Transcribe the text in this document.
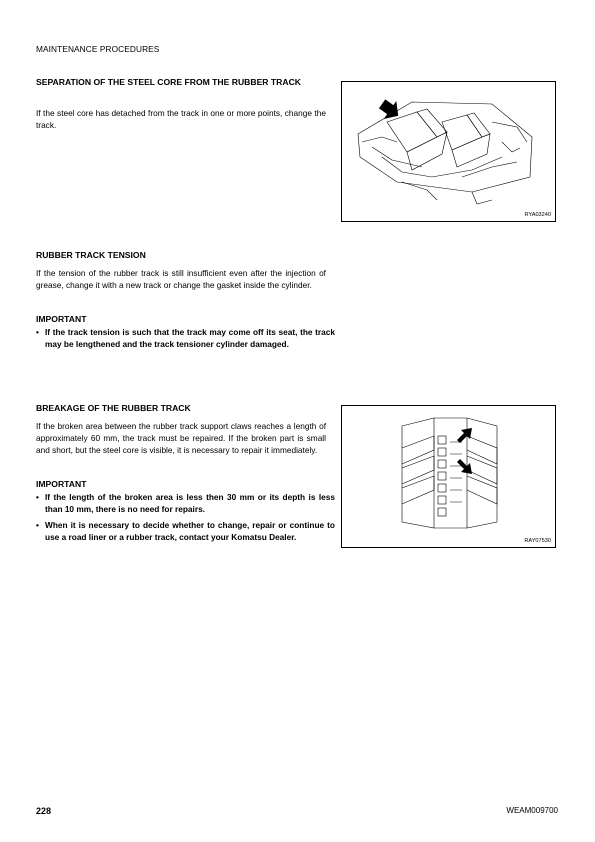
MAINTENANCE PROCEDURES
SEPARATION OF THE STEEL CORE FROM THE RUBBER TRACK
If the steel core has detached from the track in one or more points, change the track.
RYA03240
RUBBER TRACK TENSION
If the tension of the rubber track is still insufficient even after the injection of grease, change it with a new track or change the gasket inside the cylinder.
IMPORTANT
• If the track tension is such that the track may come off its seat, the track may be lengthened and the track tensioner cylinder damaged.
BREAKAGE OF THE RUBBER TRACK
If the broken area between the rubber track support claws reaches a length of approximately 60 mm, the track must be repaired. If the broken part is small and short, but the steel core is visible, it is necessary to repair it immediately.
IMPORTANT
• If the length of the broken area is less then 30 mm or its depth is less than 10 mm, there is no need for repairs.
• When it is necessary to decide whether to change, repair or continue to use a road liner or a rubber track, contact your Komatsu Dealer.	RAY07530
228	WEAM009700
